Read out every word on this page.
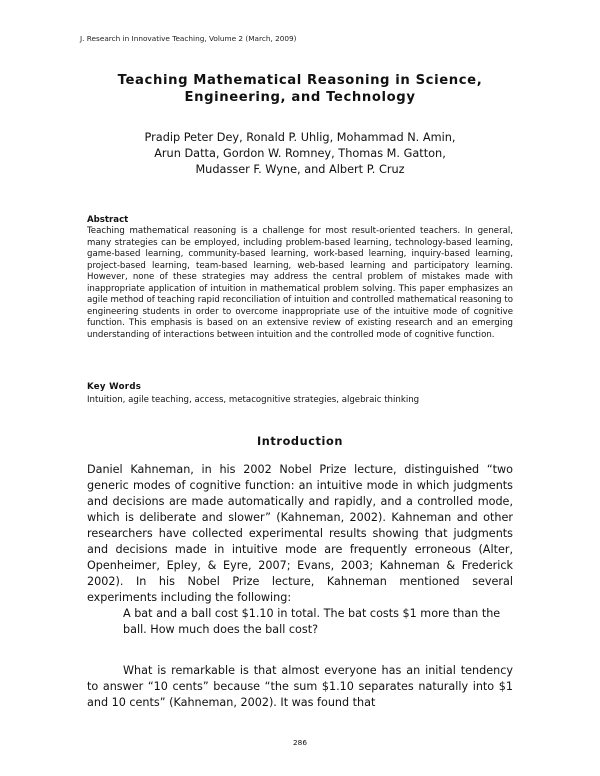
J. Research in Innovative Teaching, Volume 2 (March, 2009)
Teaching Mathematical Reasoning in Science,
Engineering, and Technology
Pradip Peter Dey, Ronald P. Uhlig, Mohammad N. Amin,
Arun Datta, Gordon W. Romney, Thomas M. Gatton,
Mudasser F. Wyne, and Albert P. Cruz
Abstract
Teaching mathematical reasoning is a challenge for most result-oriented teachers. In general, many strategies can be employed, including problem-based learning, technology-based learning, game-based learning, community-based learning, work-based learning, inquiry-based learning, project-based learning, team-based learning, web-based learning and participatory learning. However, none of these strategies may address the central problem of mistakes made with inappropriate application of intuition in mathematical problem solving. This paper emphasizes an agile method of teaching rapid reconciliation of intuition and controlled mathematical reasoning to engineering students in order to overcome inappropriate use of the intuitive mode of cognitive function. This emphasis is based on an extensive review of existing research and an emerging understanding of interactions between intuition and the controlled mode of cognitive function.
Key Words
Intuition, agile teaching, access, metacognitive strategies, algebraic thinking
Introduction
Daniel Kahneman, in his 2002 Nobel Prize lecture, distinguished “two generic modes of cognitive function: an intuitive mode in which judgments and decisions are made automatically and rapidly, and a controlled mode, which is deliberate and slower” (Kahneman, 2002). Kahneman and other researchers have collected experimental results showing that judgments and decisions made in intuitive mode are frequently erroneous (Alter, Openheimer, Epley, & Eyre, 2007; Evans, 2003; Kahneman & Frederick 2002). In his Nobel Prize lecture, Kahneman mentioned several experiments including the following:
A bat and a ball cost $1.10 in total. The bat costs $1 more than the ball. How much does the ball cost?
What is remarkable is that almost everyone has an initial tendency to answer “10 cents” because “the sum $1.10 separates naturally into $1 and 10 cents” (Kahneman, 2002). It was found that
286
